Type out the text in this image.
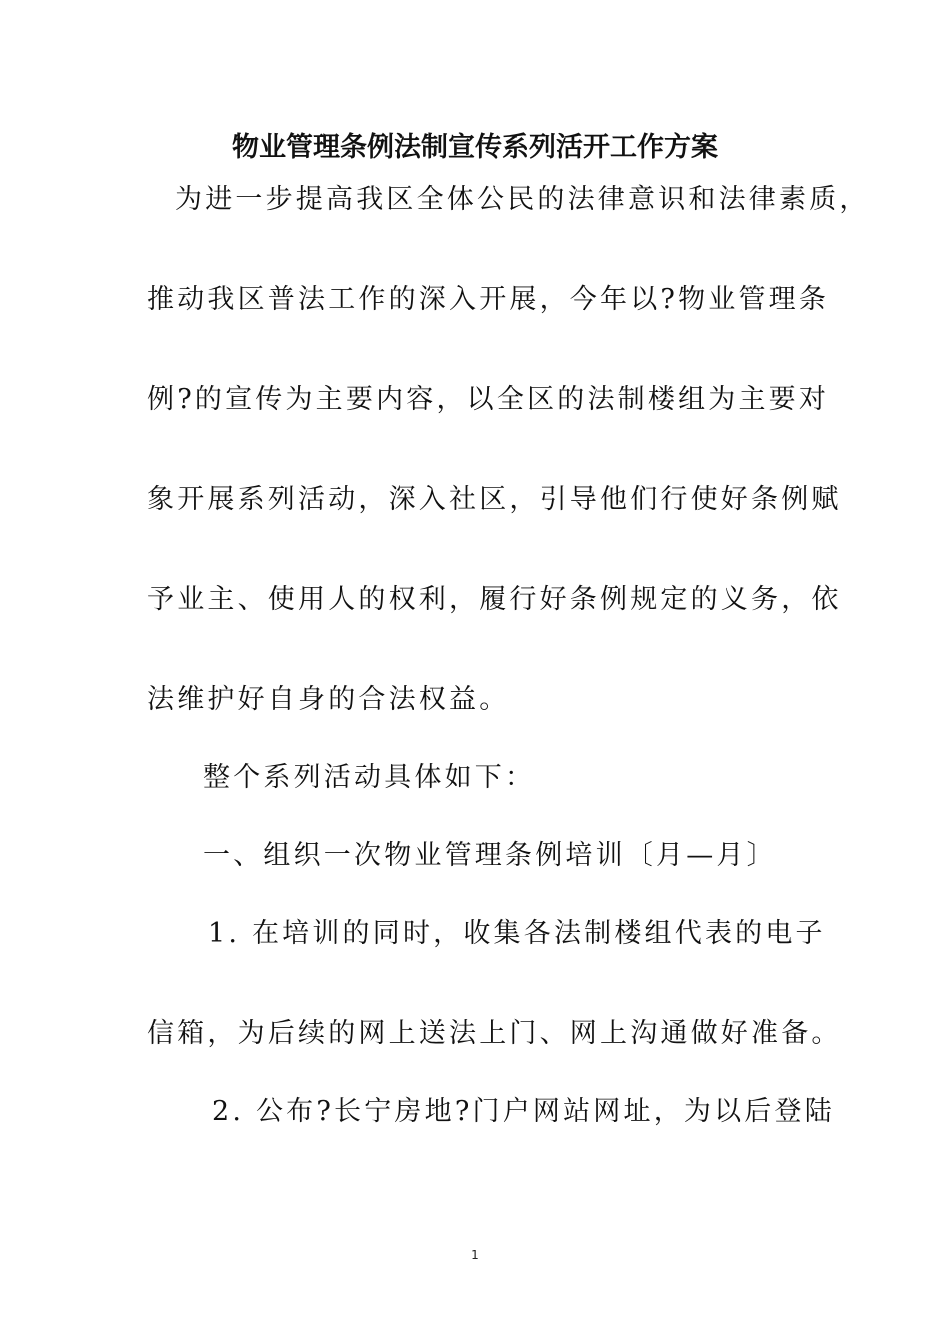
物业管理条例法制宣传系列活开工作方案
为进一步提高我区全体公民的法律意识和法律素质，
推动我区普法工作的深入开展，今年以?物业管理条
例?的宣传为主要内容，以全区的法制楼组为主要对
象开展系列活动，深入社区，引导他们行使好条例赋
予业主、使用人的权利，履行好条例规定的义务，依
法维护好自身的合法权益。
整个系列活动具体如下：
一、组织一次物业管理条例培训〔月—月〕
1. 在培训的同时，收集各法制楼组代表的电子
信箱，为后续的网上送法上门、网上沟通做好准备。
2. 公布?长宁房地?门户网站网址，为以后登陆
1
